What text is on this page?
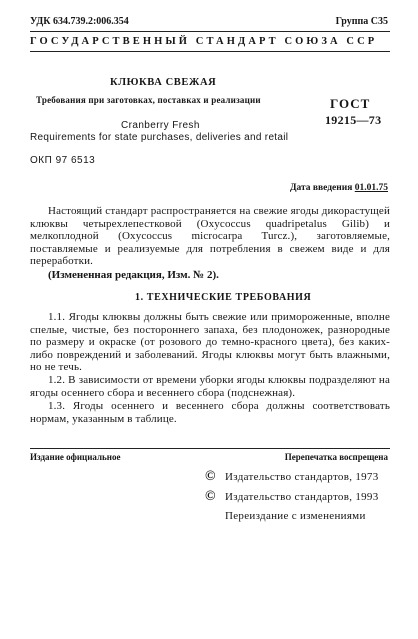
УДК 634.739.2:006.354	Группа С35
ГОСУДАРСТВЕННЫЙ СТАНДАРТ СОЮЗА ССР
КЛЮКВА СВЕЖАЯ
Требования при заготовках, поставках и реализации
Cranberry Fresh
Requirements for state purchases, deliveries and retail
ГОСТ
19215—73
ОКП 97 6513
Дата введения 01.01.75
Настоящий стандарт распространяется на свежие ягоды дикорастущей клюквы четырехлепестковой (Oxycoccus quadripetalus Gilib) и мелкоплодной (Oxycoccus microcarpa Turcz.), заготовляемые, поставляемые и реализуемые для потребления в свежем виде и для переработки.
(Измененная редакция, Изм. № 2).
1. ТЕХНИЧЕСКИЕ ТРЕБОВАНИЯ
1.1. Ягоды клюквы должны быть свежие или примороженные, вполне спелые, чистые, без постороннего запаха, без плодоножек, разнородные по размеру и окраске (от розового до темно-красного цвета), без каких-либо повреждений и заболеваний. Ягоды клюквы могут быть влажными, но не течь.
1.2. В зависимости от времени уборки ягоды клюквы подразделяют на ягоды осеннего сбора и весеннего сбора (подснежная).
1.3. Ягоды осеннего и весеннего сбора должны соответствовать нормам, указанным в таблице.
Издание официальное	Перепечатка воспрещена
© Издательство стандартов, 1973
© Издательство стандартов, 1993
Переиздание с изменениями
